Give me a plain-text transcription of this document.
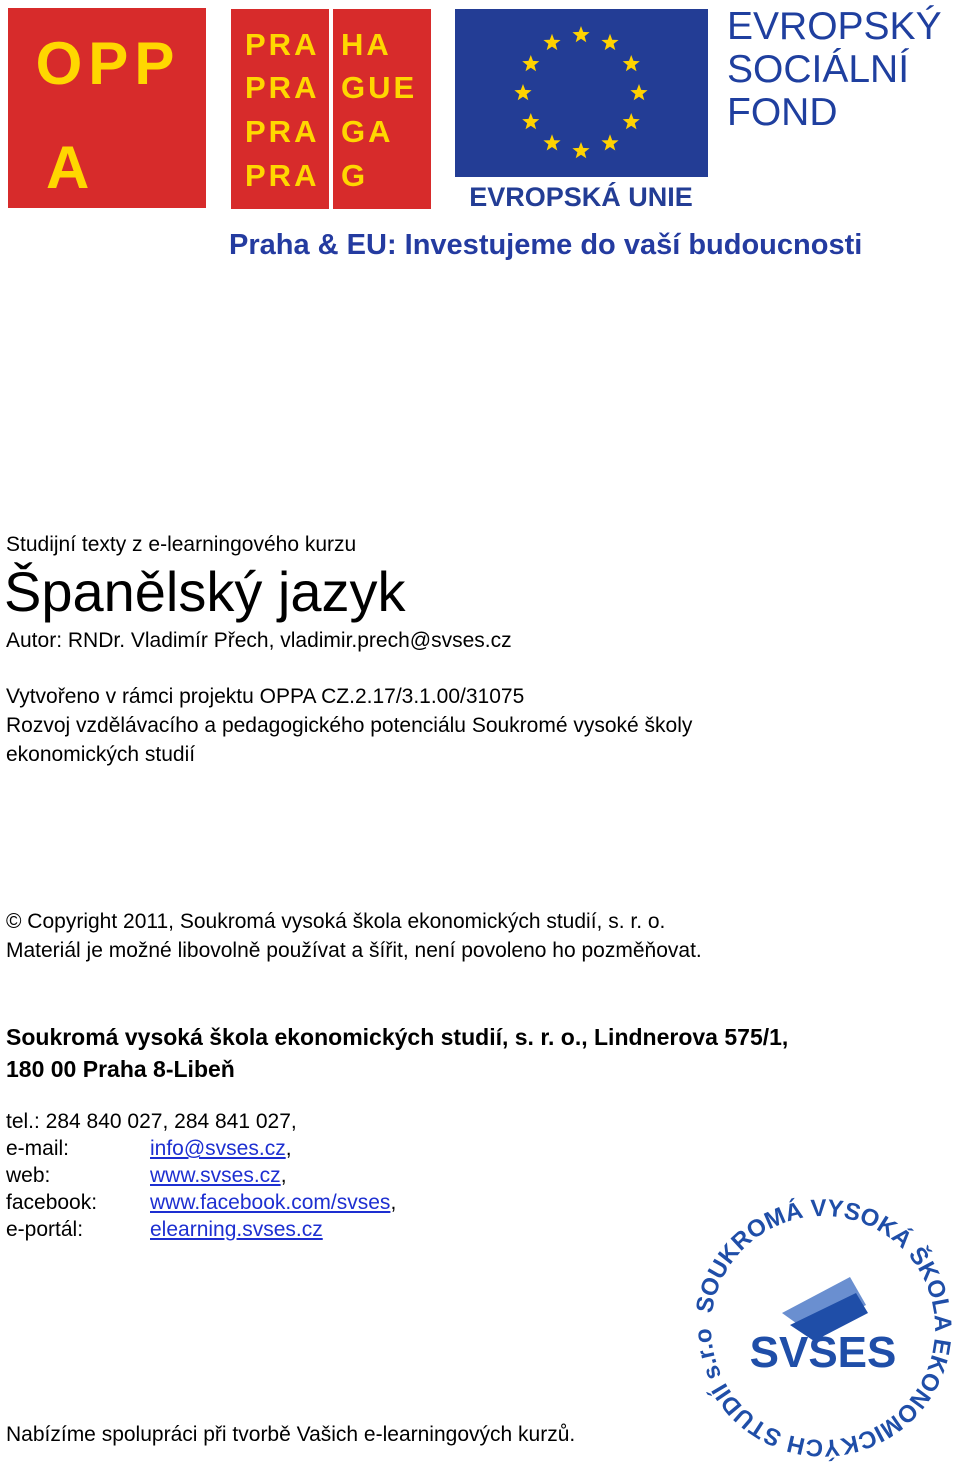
OPP
A
PRA HA
PRA GUE
PRA GA
PRA G
EVROPSKÁ UNIE
EVROPSKÝ
SOCIÁLNÍ
FOND
Praha & EU: Investujeme do vaší budoucnosti
Studijní texty z e-learningového kurzu
Španělský jazyk
Autor: RNDr. Vladimír Přech, vladimir.prech@svses.cz
Vytvořeno v rámci projektu OPPA CZ.2.17/3.1.00/31075
Rozvoj vzdělávacího a pedagogického potenciálu Soukromé vysoké školy
ekonomických studií
© Copyright 2011, Soukromá vysoká škola ekonomických studií, s. r. o.
Materiál je možné libovolně používat a šířit, není povoleno ho pozměňovat.
Soukromá vysoká škola ekonomických studií, s. r. o., Lindnerova 575/1,
180 00 Praha 8-Libeň
tel.: 284 840 027, 284 841 027,
e-mail:	info@svses.cz ,
web:	www.svses.cz ,
facebook:	www.facebook.com/svses ,
e-portál:	elearning.svses.cz
Nabízíme spolupráci při tvorbě Vašich e-learningových kurzů.
SOUKROMÁ VYSOKÁ ŠKOLA EKONOMICKÝCH STUDIÍ s.r.o SVSES
